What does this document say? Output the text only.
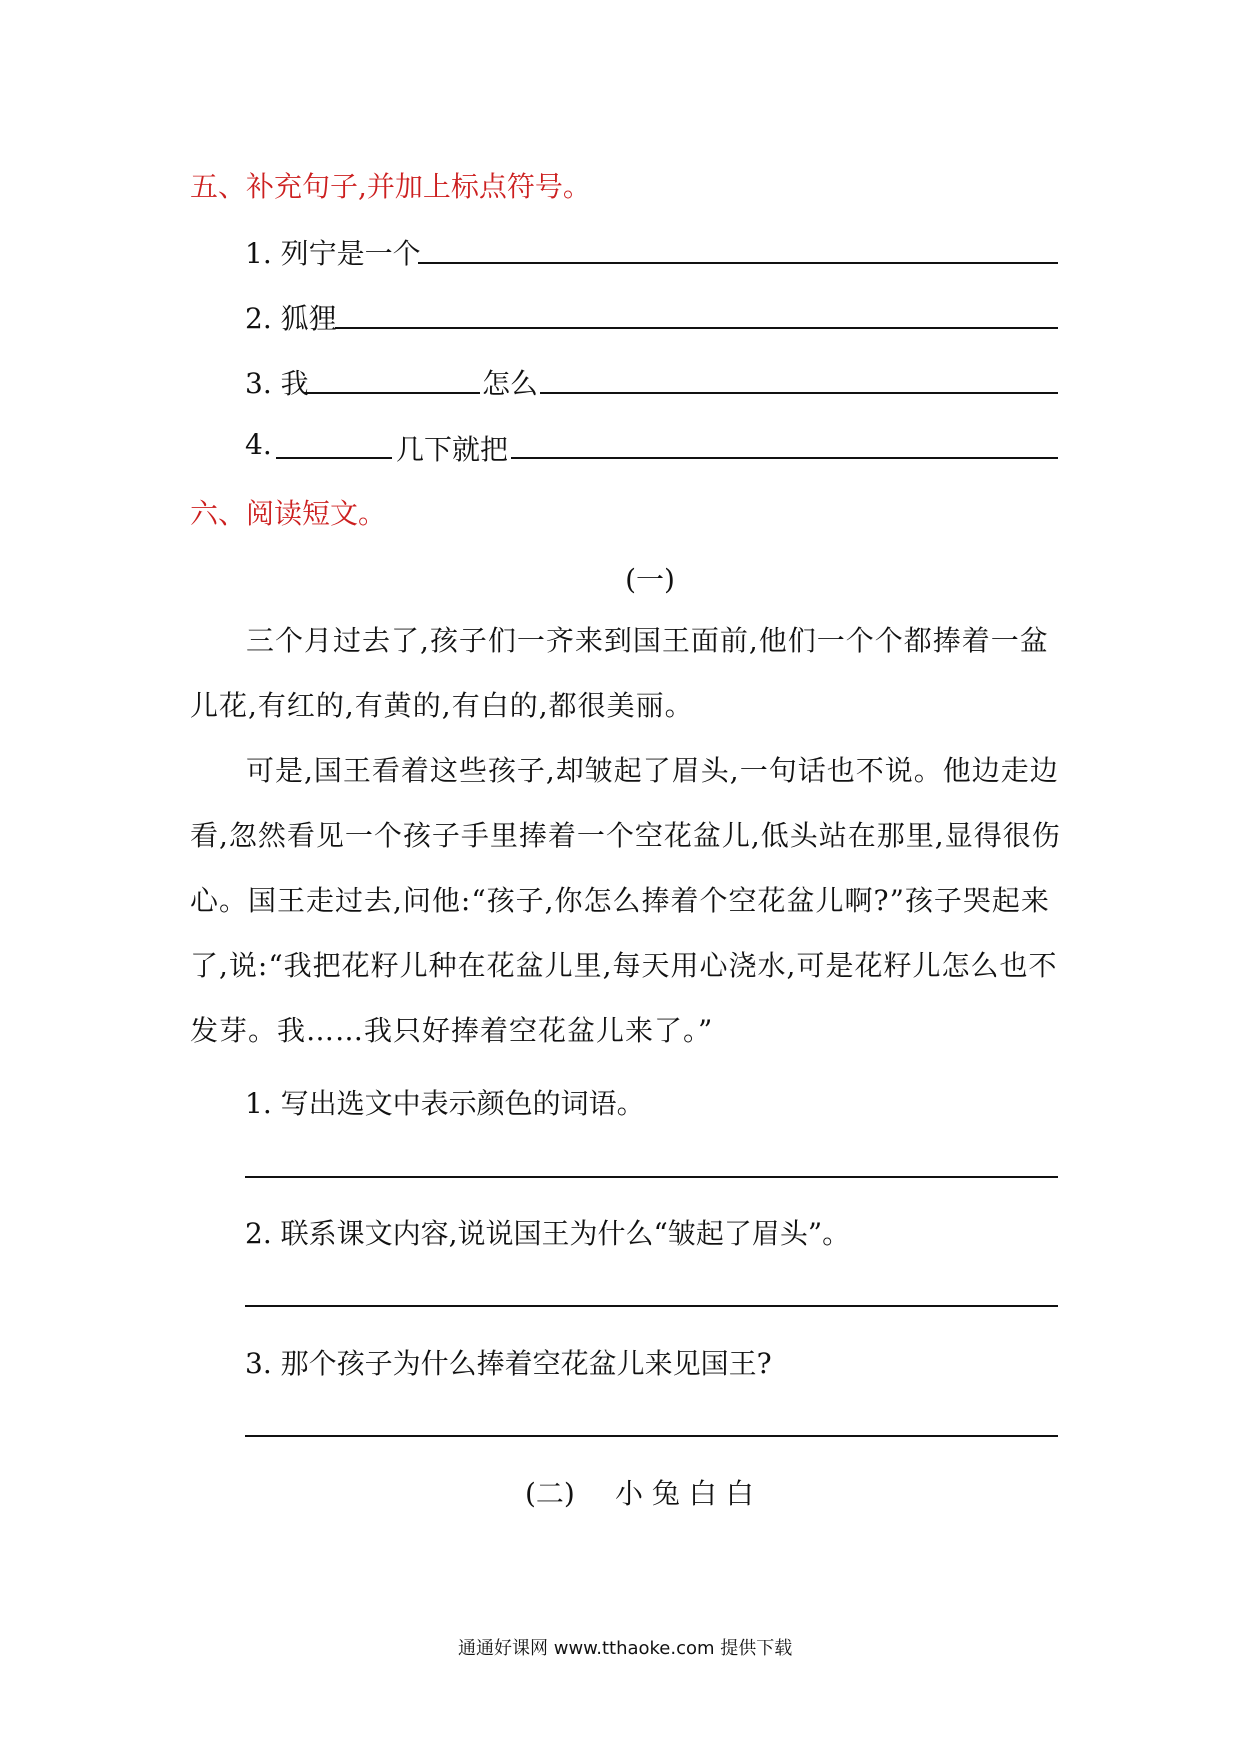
五、补充句子,并加上标点符号。
1. 列宁是一个
2. 狐狸
3. 我	怎么
4.	几下就把
六、阅读短文。
(一)
三个月过去了,孩子们一齐来到国王面前,他们一个个都捧着一盆儿花,有红的,有黄的,有白的,都很美丽。
可是,国王看着这些孩子,却皱起了眉头,一句话也不说。他边走边看,忽然看见一个孩子手里捧着一个空花盆儿,低头站在那里,显得很伤心。国王走过去,问他:“孩子,你怎么捧着个空花盆儿啊?”孩子哭起来了,说:“我把花籽儿种在花盆儿里,每天用心浇水,可是花籽儿怎么也不发芽。我……我只好捧着空花盆儿来了。”
1. 写出选文中表示颜色的词语。
2. 联系课文内容,说说国王为什么“皱起了眉头”。
3. 那个孩子为什么捧着空花盆儿来见国王?
(二) 小 兔 白 白
通通好课网 www.tthaoke.com 提供下载
